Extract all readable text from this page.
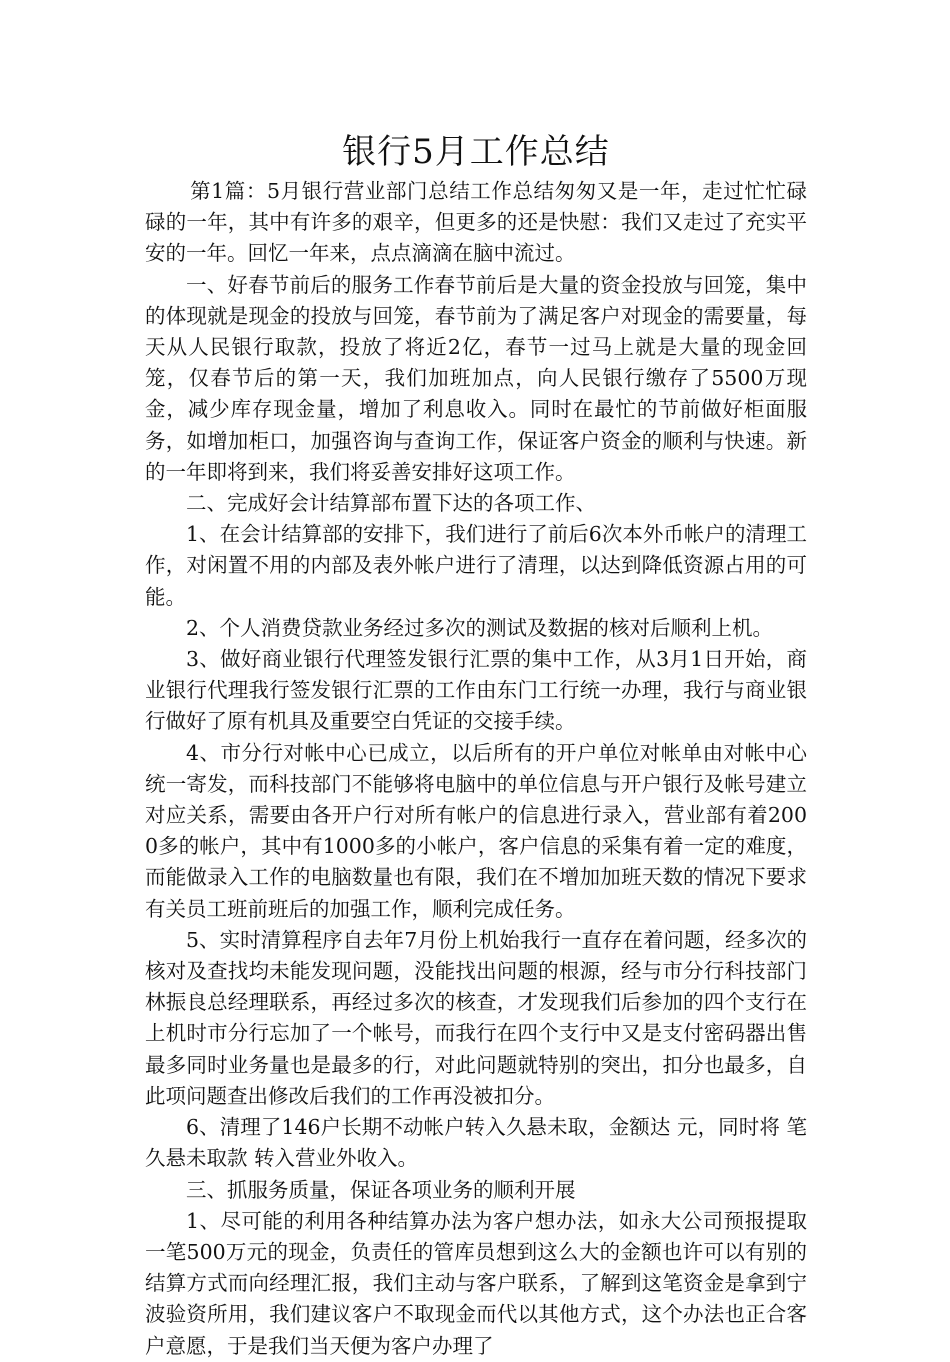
银行5月工作总结

第1篇：5月银行营业部门总结工作总结匆匆又是一年，走过忙忙碌碌的一年，其中有许多的艰辛，但更多的还是快慰：我们又走过了充实平安的一年。回忆一年来，点点滴滴在脑中流过。

一、好春节前后的服务工作春节前后是大量的资金投放与回笼，集中的体现就是现金的投放与回笼，春节前为了满足客户对现金的需要量，每天从人民银行取款，投放了将近2亿，春节一过马上就是大量的现金回笼，仅春节后的第一天，我们加班加点，向人民银行缴存了5500万现金，减少库存现金量，增加了利息收入。同时在最忙的节前做好柜面服务，如增加柜口，加强咨询与查询工作，保证客户资金的顺利与快速。新的一年即将到来，我们将妥善安排好这项工作。

二、完成好会计结算部布置下达的各项工作、

1、在会计结算部的安排下，我们进行了前后6次本外币帐户的清理工作，对闲置不用的内部及表外帐户进行了清理，以达到降低资源占用的可能。

2、个人消费贷款业务经过多次的测试及数据的核对后顺利上机。

3、做好商业银行代理签发银行汇票的集中工作，从3月1日开始，商业银行代理我行签发银行汇票的工作由东门工行统一办理，我行与商业银行做好了原有机具及重要空白凭证的交接手续。

4、市分行对帐中心已成立，以后所有的开户单位对帐单由对帐中心统一寄发，而科技部门不能够将电脑中的单位信息与开户银行及帐号建立对应关系，需要由各开户行对所有帐户的信息进行录入，营业部有着2000多的帐户，其中有1000多的小帐户，客户信息的采集有着一定的难度，而能做录入工作的电脑数量也有限，我们在不增加加班天数的情况下要求有关员工班前班后的加强工作，顺利完成任务。

5、实时清算程序自去年7月份上机始我行一直存在着问题，经多次的核对及查找均未能发现问题，没能找出问题的根源，经与市分行科技部门林振良总经理联系，再经过多次的核查，才发现我们后参加的四个支行在上机时市分行忘加了一个帐号，而我行在四个支行中又是支付密码器出售最多同时业务量也是最多的行，对此问题就特别的突出，扣分也最多，自此项问题查出修改后我们的工作再没被扣分。

6、清理了146户长期不动帐户转入久悬未取，金额达 元，同时将 笔久悬未取款 转入营业外收入。

三、抓服务质量，保证各项业务的顺利开展

1、尽可能的利用各种结算办法为客户想办法，如永大公司预报提取一笔500万元的现金，负责任的管库员想到这么大的金额也许可以有别的结算方式而向经理汇报，我们主动与客户联系，了解到这笔资金是拿到宁波验资所用，我们建议客户不取现金而代以其他方式，这个办法也正合客户意愿，于是我们当天便为客户办理了
